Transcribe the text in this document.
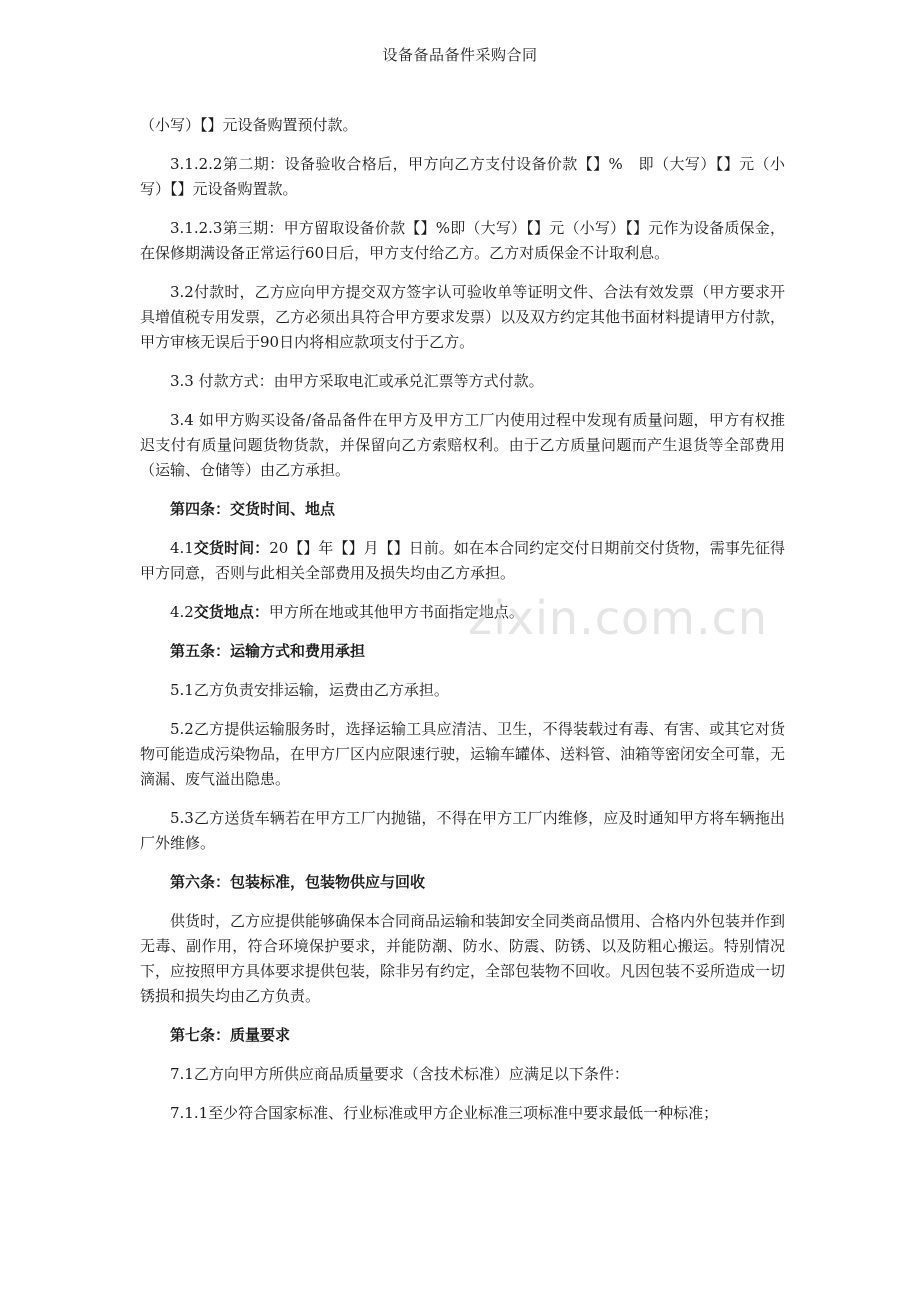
设备备品备件采购合同

（小写）【】元设备购置预付款。

3.1.2.2第二期：设备验收合格后，甲方向乙方支付设备价款【】%　即（大写）【】元（小写）【】元设备购置款。

3.1.2.3第三期：甲方留取设备价款【】%即（大写）【】元（小写）【】元作为设备质保金，在保修期满设备正常运行60日后，甲方支付给乙方。乙方对质保金不计取利息。

3.2付款时，乙方应向甲方提交双方签字认可验收单等证明文件、合法有效发票（甲方要求开具增值税专用发票，乙方必须出具符合甲方要求发票）以及双方约定其他书面材料提请甲方付款，甲方审核无误后于90日内将相应款项支付于乙方。

3.3 付款方式：由甲方采取电汇或承兑汇票等方式付款。

3.4 如甲方购买设备/备品备件在甲方及甲方工厂内使用过程中发现有质量问题，甲方有权推迟支付有质量问题货物货款，并保留向乙方索赔权利。由于乙方质量问题而产生退货等全部费用（运输、仓储等）由乙方承担。

第四条：交货时间、地点

4.1交货时间：20【】年【】月【】日前。如在本合同约定交付日期前交付货物，需事先征得甲方同意，否则与此相关全部费用及损失均由乙方承担。

4.2交货地点：甲方所在地或其他甲方书面指定地点。

第五条：运输方式和费用承担

5.1乙方负责安排运输，运费由乙方承担。

5.2乙方提供运输服务时，选择运输工具应清洁、卫生，不得装载过有毒、有害、或其它对货物可能造成污染物品，在甲方厂区内应限速行驶，运输车罐体、送料管、油箱等密闭安全可靠，无滴漏、废气溢出隐患。

5.3乙方送货车辆若在甲方工厂内抛锚，不得在甲方工厂内维修，应及时通知甲方将车辆拖出厂外维修。

第六条：包装标准，包装物供应与回收

供货时，乙方应提供能够确保本合同商品运输和装卸安全同类商品惯用、合格内外包装并作到无毒、副作用，符合环境保护要求，并能防潮、防水、防震、防锈、以及防粗心搬运。特别情况下，应按照甲方具体要求提供包装，除非另有约定，全部包装物不回收。凡因包装不妥所造成一切锈损和损失均由乙方负责。

第七条：质量要求

7.1乙方向甲方所供应商品质量要求（含技术标准）应满足以下条件：

7.1.1至少符合国家标准、行业标准或甲方企业标准三项标准中要求最低一种标准；

zixin.com.cn
